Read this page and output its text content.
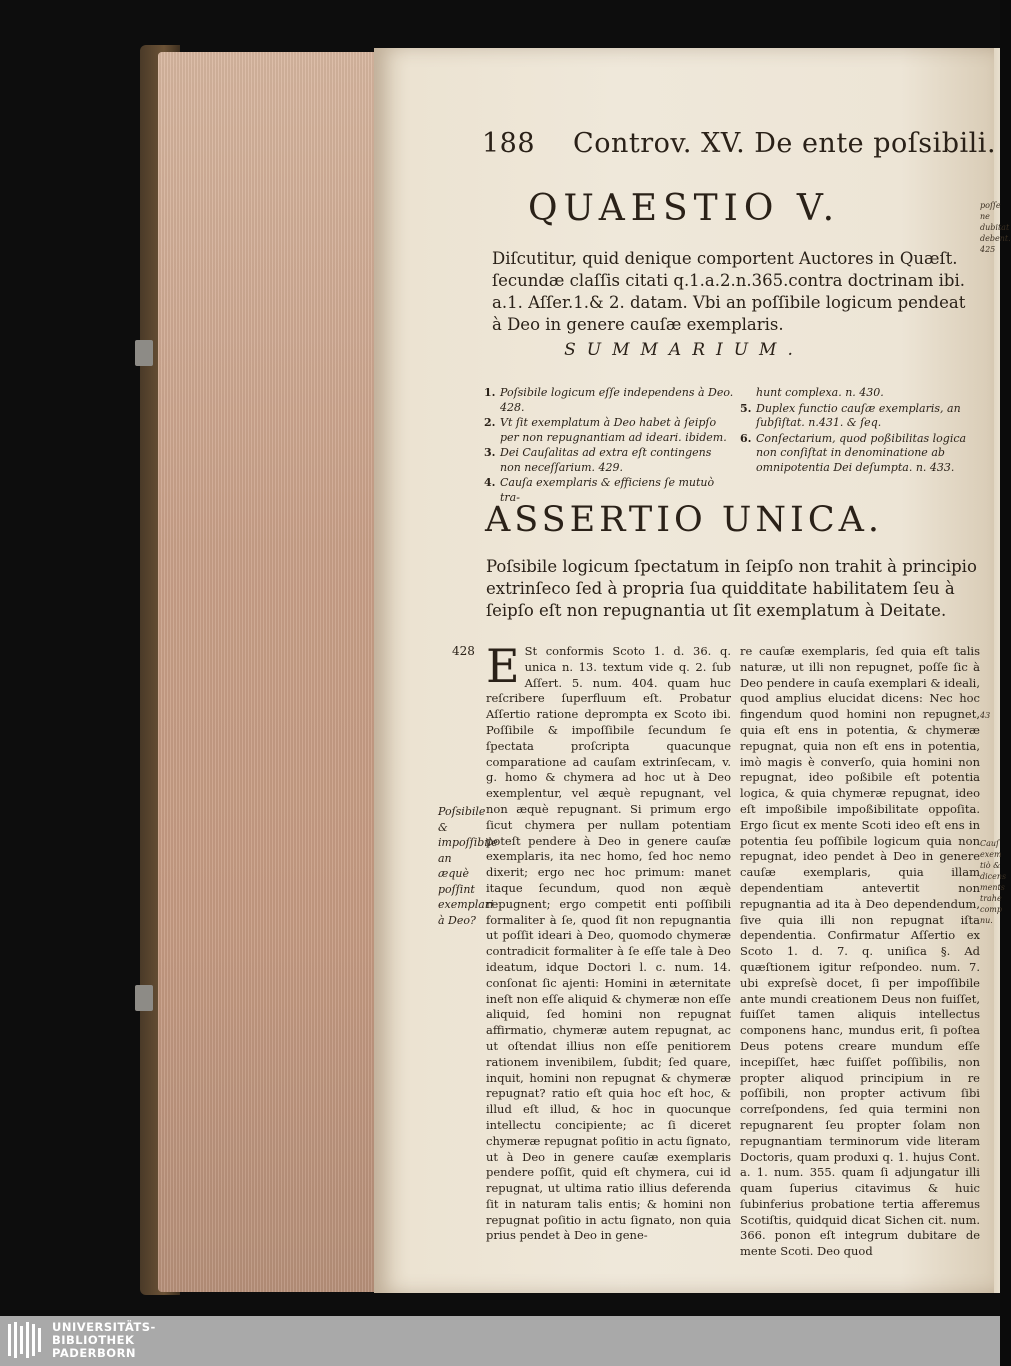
188 Controv. XV. De ente poſsibili.
QUAESTIO V.
Diſcutitur, quid denique comportent Auctores in Quæſt. ſecundæ claſſis citati q.1.a.2.n.365.contra doctrinam ibi. a.1. Aſſer.1.& 2. datam. Vbi an poſſibile logicum pendeat à Deo in genere cauſæ exemplaris.
SUMMARIUM.
1. Poſsibile logicum eſſe independens à Deo. 428.
2. Vt ſit exemplatum à Deo habet à ſeipſo per non repugnantiam ad ideari. ibidem.
3. Dei Cauſalitas ad extra eſt contingens non neceſſarium. 429.
4. Cauſa exemplaris & efficiens ſe mutuò tra-
hunt complexa. n. 430.
5. Duplex functio cauſæ exemplaris, an ſubſiſtat. n.431. & ſeq.
6. Conſectarium, quod poßibilitas logica non conſiſtat in denominatione ab omnipotentia Dei deſumpta. n. 433.
ASSERTIO UNICA.
Poſsibile logicum ſpectatum in ſeipſo non trahit à principio extrinſeco ſed à propria ſua quidditate habilitatem ſeu à ſeipſo eſt non repugnantia ut ſit exemplatum à Deitate.
428
Poſsibile & impoſſibile an æquè poſſint exemplari à Deo?
E St conformis Scoto 1. d. 36. q. unica n. 13. textum vide q. 2. ſub Aſſert. 5. num. 404. quam huc reſcribere ſuperfluum eſt. Probatur Aſſertio ratione deprompta ex Scoto ibi. Poſſibile & impoſſibile ſecundum ſe ſpectata proſcripta quacunque comparatione ad cauſam extrinſecam, v. g. homo & chymera ad hoc ut à Deo exemplentur, vel æquè repugnant, vel non æquè repugnant. Si primum ergo ſicut chymera per nullam potentiam poteſt pendere à Deo in genere cauſæ exemplaris, ita nec homo, ſed hoc nemo dixerit; ergo nec hoc primum: manet itaque ſecundum, quod non æquè repugnent; ergo competit enti poſſibili formaliter à ſe, quod ſit non repugnantia ut poſſit ideari à Deo, quomodo chymeræ contradicit formaliter à ſe eſſe tale à Deo ideatum, idque Doctori l. c. num. 14. conſonat ſic ajenti: Homini in æternitate ineſt non eſſe aliquid & chymeræ non eſſe aliquid, ſed homini non repugnat affirmatio, chymeræ autem repugnat, ac ut oſtendat illius non eſſe penitiorem rationem invenibilem, ſubdit; ſed quare, inquit, homini non repugnat & chymeræ repugnat? ratio eſt quia hoc eſt hoc, & illud eſt illud, & hoc in quocunque intellectu concipiente; ac ſi diceret chymeræ repugnat poſitio in actu ſignato, ut à Deo in genere cauſæ exemplaris pendere poſſit, quid eſt chymera, cui id repugnat, ut ultima ratio illius deferenda ſit in naturam talis entis; & homini non repugnat poſitio in actu ſignato, non quia prius pendet à Deo in gene-
re cauſæ exemplaris, ſed quia eſt talis naturæ, ut illi non repugnet, poſſe ſic à Deo pendere in cauſa exemplari & ideali, quod amplius elucidat dicens: Nec hoc fingendum quod homini non repugnet, quia eſt ens in potentia, & chymeræ repugnat, quia non eſt ens in potentia, imò magis è converſo, quia homini non repugnat, ideo poßibile eſt potentia logica, & quia chymeræ repugnat, ideo eſt impoßibile impoßibilitate oppoſita. Ergo ſicut ex mente Scoti ideo eſt ens in potentia ſeu poſſibile logicum quia non repugnat, ideo pendet à Deo in genere cauſæ exemplaris, quia illam dependentiam antevertit non repugnantia ad ita à Deo dependendum, ſive quia illi non repugnat iſta dependentia. Confirmatur Aſſertio ex Scoto 1. d. 7. q. uniſica §. Ad quæſtionem igitur reſpondeo. num. 7. ubi expreſsè docet, ſi per impoſſibile ante mundi creationem Deus non fuiſſet, fuiſſet tamen aliquis intellectus componens hanc, mundus erit, ſi poſtea Deus potens creare mundum eſſe incepiſſet, hæc fuiſſet poſſibilis, non propter aliquod principium in re poſſibili, non propter activum ſibi correſpondens, ſed quia termini non repugnarent ſeu propter ſolam non repugnantiam terminorum vide literam Doctoris, quam produxi q. 1. hujus Cont. a. 1. num. 355. quam ſi adjungatur illi quam ſuperius citavimus & huic ſubinferius probatione tertia afferemus Scotiſtis, quidquid dicat Sichen cit. num. 366. ponon eſt integrum dubitare de mente Scoti. Deo quod
poſſe ne
dubitat
debent.
425
43
Cauſ
exem
tiò &
dicens
ments
trahe
comp
nu.
UNIVERSITÄTS-
BIBLIOTHEK
PADERBORN
